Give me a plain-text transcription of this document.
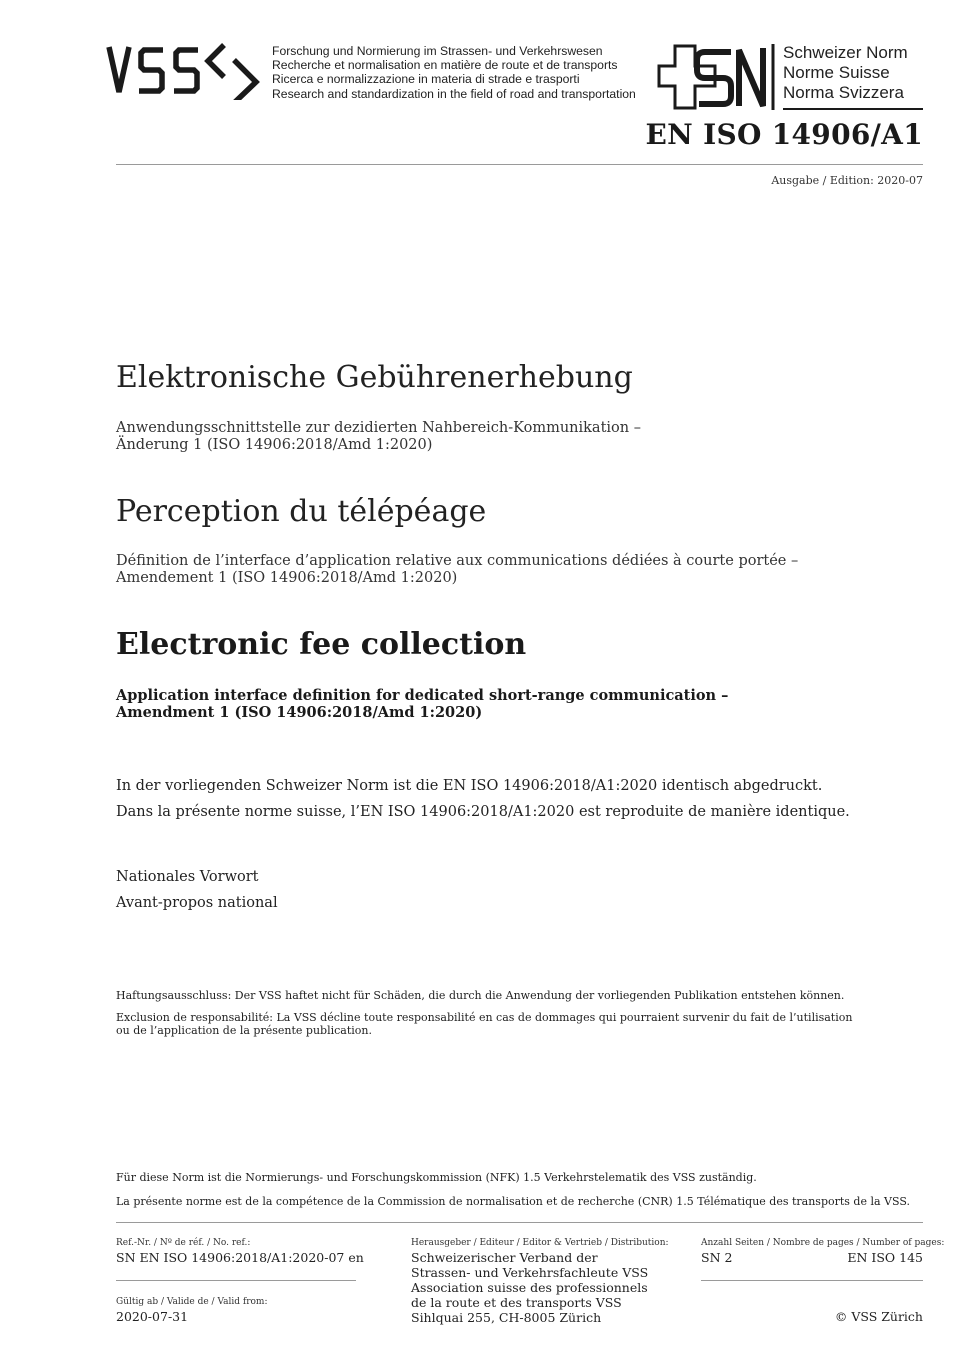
Forschung und Normierung im Strassen- und Verkehrswesen
Recherche et normalisation en matière de route et de transports
Ricerca e normalizzazione in materia di strade e trasporti
Research and standardization in the field of road and transportation
Schweizer Norm
Norme Suisse
Norma Svizzera
EN ISO 14906/A1
Ausgabe / Edition: 2020-07
Elektronische Gebührenerhebung
Anwendungsschnittstelle zur dezidierten Nahbereich-Kommunikation –
Änderung 1 (ISO 14906:2018/Amd 1:2020)
Perception du télépéage
Définition de l’interface d’application relative aux communications dédiées à courte portée –
Amendement 1 (ISO 14906:2018/Amd 1:2020)
Electronic fee collection
Application interface definition for dedicated short-range communication –
Amendment 1 (ISO 14906:2018/Amd 1:2020)
In der vorliegenden Schweizer Norm ist die EN ISO 14906:2018/A1:2020 identisch abgedruckt.
Dans la présente norme suisse, l’EN ISO 14906:2018/A1:2020 est reproduite de manière identique.
Nationales Vorwort
Avant-propos national
Haftungsausschluss: Der VSS haftet nicht für Schäden, die durch die Anwendung der vorliegenden Publikation entstehen können.
Exclusion de responsabilité: La VSS décline toute responsabilité en cas de dommages qui pourraient survenir du fait de l’utilisation
ou de l’application de la présente publication.
Für diese Norm ist die Normierungs- und Forschungskommission (NFK) 1.5 Verkehrstelematik des VSS zuständig.
La présente norme est de la compétence de la Commission de normalisation et de recherche (CNR) 1.5 Télématique des transports de la VSS.
Ref.-Nr. / Nº de réf. / No. ref.:
SN EN ISO 14906:2018/A1:2020-07 en
Gültig ab / Valide de / Valid from:
2020-07-31
Herausgeber / Editeur / Editor & Vertrieb / Distribution:
Schweizerischer Verband der
Strassen- und Verkehrsfachleute VSS
Association suisse des professionnels
de la route et des transports VSS
Sihlquai 255, CH-8005 Zürich
Anzahl Seiten / Nombre de pages / Number of pages:
SN 2	EN ISO 145
© VSS Zürich
